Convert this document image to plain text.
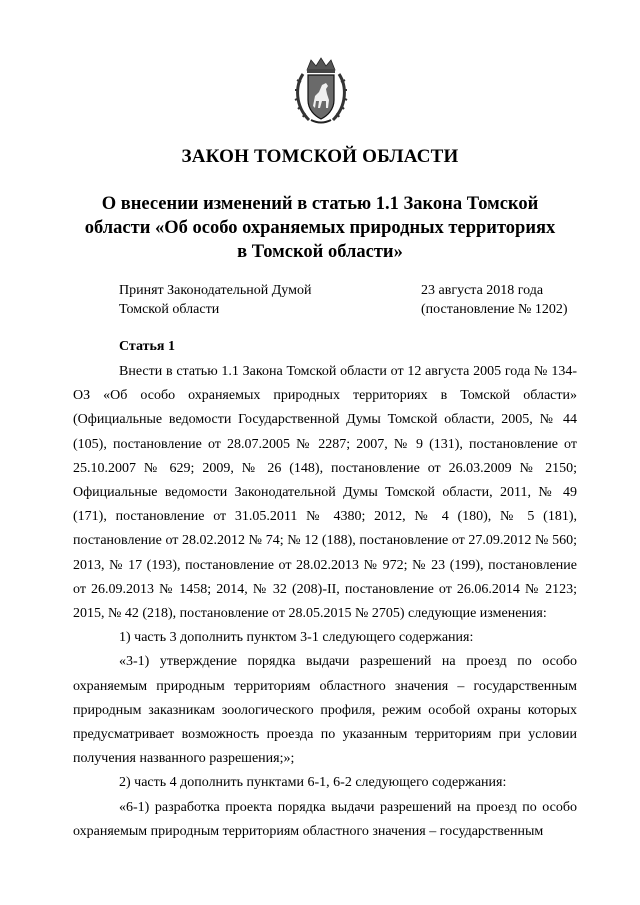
ЗАКОН ТОМСКОЙ ОБЛАСТИ
О внесении изменений в статью 1.1 Закона Томской
области «Об особо охраняемых природных территориях
в Томской области»
Принят Законодательной Думой
Томской области
23 августа 2018 года
(постановление № 1202)
Статья 1

Внести в статью 1.1 Закона Томской области от 12 августа 2005 года № 134-ОЗ «Об особо охраняемых природных территориях в Томской области» (Официальные ведомости Государственной Думы Томской области, 2005, № 44 (105), постановление от 28.07.2005 № 2287; 2007, № 9 (131), постановление от 25.10.2007 № 629; 2009, № 26 (148), постановление от 26.03.2009 № 2150; Официальные ведомости Законодательной Думы Томской области, 2011, № 49 (171), постановление от 31.05.2011 № 4380; 2012, № 4 (180), № 5 (181), постановление от 28.02.2012 № 74; № 12 (188), постановление от 27.09.2012 № 560; 2013, № 17 (193), постановление от 28.02.2013 № 972; № 23 (199), постановление от 26.09.2013 № 1458; 2014, № 32 (208)-II, постановление от 26.06.2014 № 2123; 2015, № 42 (218), постановление от 28.05.2015 № 2705) следующие изменения:

1) часть 3 дополнить пунктом 3-1 следующего содержания:

«3-1) утверждение порядка выдачи разрешений на проезд по особо охраняемым природным территориям областного значения – государственным природным заказникам зоологического профиля, режим особой охраны которых предусматривает возможность проезда по указанным территориям при условии получения названного разрешения;»;

2) часть 4 дополнить пунктами 6-1, 6-2 следующего содержания:

«6-1) разработка проекта порядка выдачи разрешений на проезд по особо охраняемым природным территориям областного значения – государственным
